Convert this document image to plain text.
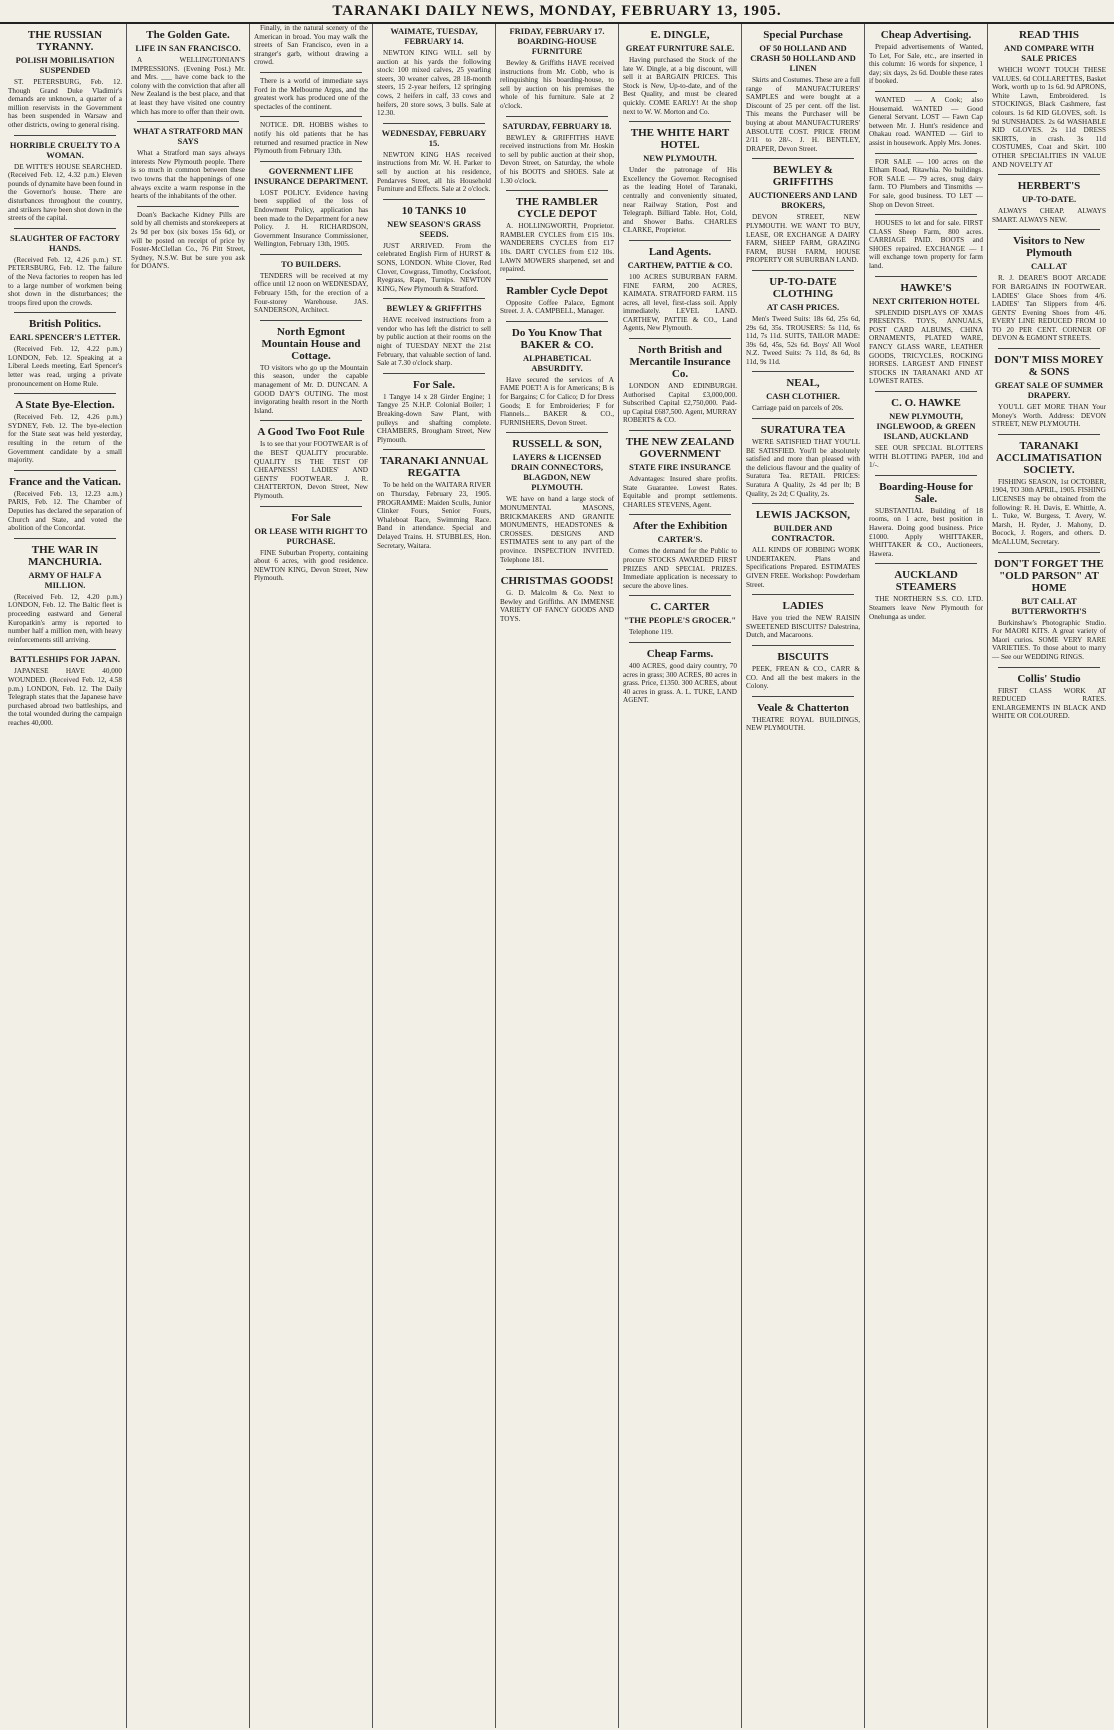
TARANAKI DAILY NEWS, MONDAY, FEBRUARY 13, 1905.
THE RUSSIAN TYRANNY.
POLISH MOBILISATION SUSPENDED
ST. PETERSBURG, Feb. 12. Though Grand Duke Vladimir's demands are unknown, a quarter of a million reservists in the Government has been suspended in Warsaw and other districts, owing to general rising.
HORRIBLE CRUELTY TO A WOMAN.
DE WITTE'S HOUSE SEARCHED. (Received Feb. 12, 4.32 p.m.) Eleven pounds of dynamite have been found in the Governor's house. There are disturbances throughout the country, and strikers have been shot down in the streets of the capital.
SLAUGHTER OF FACTORY HANDS.
(Received Feb. 12, 4.26 p.m.) ST. PETERSBURG, Feb. 12. The failure of the Neva factories to reopen has led to a large number of workmen being shot down in the disturbances; the troops fired upon the crowds.
British Politics.
EARL SPENCER'S LETTER.
(Received Feb. 12, 4.22 p.m.) LONDON, Feb. 12. Speaking at a Liberal Leeds meeting, Earl Spencer's letter was read, urging a private pronouncement on Home Rule.
A State Bye-Election.
(Received Feb. 12, 4.26 p.m.) SYDNEY, Feb. 12. The bye-election for the State seat was held yesterday, resulting in the return of the Government candidate by a small majority.
France and the Vatican.
(Received Feb. 13, 12.23 a.m.) PARIS, Feb. 12. The Chamber of Deputies has declared the separation of Church and State, and voted the abolition of the Concordat.
THE WAR IN MANCHURIA.
ARMY OF HALF A MILLION.
(Received Feb. 12, 4.20 p.m.) LONDON, Feb. 12. The Baltic fleet is proceeding eastward and General Kuropatkin's army is reported to number half a million men, with heavy reinforcements still arriving.
BATTLESHIPS FOR JAPAN.
JAPANESE HAVE 40,000 WOUNDED. (Received Feb. 12, 4.58 p.m.) LONDON, Feb. 12. The Daily Telegraph states that the Japanese have purchased abroad two battleships, and the total wounded during the campaign reaches 40,000.
The Golden Gate.
LIFE IN SAN FRANCISCO.
A WELLINGTONIAN'S IMPRESSIONS. (Evening Post.) Mr. and Mrs. ___ have come back to the colony with the conviction that after all New Zealand is the best place, and that at least they have visited one country which has more to offer than their own.
WHAT A STRATFORD MAN SAYS
What a Stratford man says always interests New Plymouth people. There is so much in common between these two towns that the happenings of one always excite a warm response in the hearts of the inhabitants of the other.
Doan's Backache Kidney Pills are sold by all chemists and storekeepers at 2s 9d per box (six boxes 15s 6d), or will be posted on receipt of price by Foster-McClellan Co., 76 Pitt Street, Sydney, N.S.W. But be sure you ask for DOAN'S.
Finally, in the natural scenery of the American in broad. You may walk the streets of San Francisco, even in a stranger's garb, without drawing a crowd.
There is a world of immediate says Ford in the Melbourne Argus, and the greatest work has produced one of the spectacles of the continent.
NOTICE. DR. HOBBS wishes to notify his old patients that he has returned and resumed practice in New Plymouth from February 13th.
GOVERNMENT LIFE INSURANCE DEPARTMENT.
LOST POLICY. Evidence having been supplied of the loss of Endowment Policy, application has been made to the Department for a new Policy. J. H. RICHARDSON, Government Insurance Commissioner, Wellington, February 13th, 1905.
TO BUILDERS.
TENDERS will be received at my office until 12 noon on WEDNESDAY, February 15th, for the erection of a Four-storey Warehouse. JAS. SANDERSON, Architect.
North Egmont Mountain House and Cottage.
TO visitors who go up the Mountain this season, under the capable management of Mr. D. DUNCAN. A GOOD DAY'S OUTING. The most invigorating health resort in the North Island.
A Good Two Foot Rule
Is to see that your FOOTWEAR is of the BEST QUALITY procurable. QUALITY IS THE TEST OF CHEAPNESS! LADIES' AND GENTS' FOOTWEAR. J. R. CHATTERTON, Devon Street, New Plymouth.
For Sale
OR LEASE WITH RIGHT TO PURCHASE.
FINE Suburban Property, containing about 6 acres, with good residence. NEWTON KING, Devon Street, New Plymouth.
WAIMATE, TUESDAY, FEBRUARY 14.
NEWTON KING WILL sell by auction at his yards the following stock: 100 mixed calves, 25 yearling steers, 30 weaner calves, 28 18-month steers, 15 2-year heifers, 12 springing cows, 2 heifers in calf, 33 cows and heifers, 20 store sows, 3 bulls. Sale at 12.30.
WEDNESDAY, FEBRUARY 15.
NEWTON KING HAS received instructions from Mr. W. H. Parker to sell by auction at his residence, Pendarves Street, all his Household Furniture and Effects. Sale at 2 o'clock.
10 TANKS 10
NEW SEASON'S GRASS SEEDS.
JUST ARRIVED. From the celebrated English Firm of HURST & SONS, LONDON. White Clover, Red Clover, Cowgrass, Timothy, Cocksfoot, Ryegrass, Rape, Turnips. NEWTON KING, New Plymouth & Stratford.
BEWLEY & GRIFFITHS
HAVE received instructions from a vendor who has left the district to sell by public auction at their rooms on the night of TUESDAY NEXT the 21st February, that valuable section of land. Sale at 7.30 o'clock sharp.
For Sale.
1 Tangye 14 x 28 Girder Engine; 1 Tangye 25 N.H.P. Colonial Boiler; 1 Breaking-down Saw Plant, with pulleys and shafting complete. CHAMBERS, Brougham Street, New Plymouth.
TARANAKI ANNUAL REGATTA
To be held on the WAITARA RIVER on Thursday, February 23, 1905. PROGRAMME: Maiden Sculls, Junior Clinker Fours, Senior Fours, Whaleboat Race, Swimming Race. Band in attendance. Special and Delayed Trains. H. STUBBLES, Hon. Secretary, Waitara.
FRIDAY, FEBRUARY 17. BOARDING-HOUSE FURNITURE
Bewley & Griffiths HAVE received instructions from Mr. Cobb, who is relinquishing his boarding-house, to sell by auction on his premises the whole of his furniture. Sale at 2 o'clock.
SATURDAY, FEBRUARY 18.
BEWLEY & GRIFFITHS HAVE received instructions from Mr. Hoskin to sell by public auction at their shop, Devon Street, on Saturday, the whole of his BOOTS and SHOES. Sale at 1.30 o'clock.
THE RAMBLER CYCLE DEPOT
A. HOLLINGWORTH, Proprietor. RAMBLER CYCLES from £15 10s. WANDERERS CYCLES from £17 10s. DART CYCLES from £12 10s. LAWN MOWERS sharpened, set and repaired.
Rambler Cycle Depot
Opposite Coffee Palace, Egmont Street. J. A. CAMPBELL, Manager.
Do You Know That BAKER & CO.
ALPHABETICAL ABSURDITY.
Have secured the services of A FAME POET! A is for Americans; B is for Bargains; C for Calico; D for Dress Goods; E for Embroideries; F for Flannels... BAKER & CO., FURNISHERS, Devon Street.
RUSSELL & SON,
LAYERS & LICENSED DRAIN CONNECTORS, BLAGDON, NEW PLYMOUTH.
WE have on hand a large stock of MONUMENTAL MASONS, BRICKMAKERS AND GRANITE MONUMENTS, HEADSTONES & CROSSES. DESIGNS AND ESTIMATES sent to any part of the province. INSPECTION INVITED. Telephone 181.
CHRISTMAS GOODS!
G. D. Malcolm & Co. Next to Bewley and Griffiths. AN IMMENSE VARIETY OF FANCY GOODS AND TOYS.
E. DINGLE,
GREAT FURNITURE SALE.
Having purchased the Stock of the late W. Dingle, at a big discount, will sell it at BARGAIN PRICES. This Stock is New, Up-to-date, and of the Best Quality, and must be cleared quickly. COME EARLY! At the shop next to W. W. Morton and Co.
THE WHITE HART HOTEL
NEW PLYMOUTH.
Under the patronage of His Excellency the Governor. Recognised as the leading Hotel of Taranaki, centrally and conveniently situated, near Railway Station, Post and Telegraph. Billiard Table. Hot, Cold, and Shower Baths. CHARLES CLARKE, Proprietor.
Land Agents.
CARTHEW, PATTIE & CO.
100 ACRES SUBURBAN FARM. FINE FARM, 200 ACRES, KAIMATA. STRATFORD FARM. 115 acres, all level, first-class soil. Apply immediately. LEVEL LAND. CARTHEW, PATTIE & CO., Land Agents, New Plymouth.
North British and Mercantile Insurance Co.
LONDON AND EDINBURGH. Authorised Capital £3,000,000. Subscribed Capital £2,750,000. Paid-up Capital £687,500. Agent, MURRAY ROBERTS & CO.
THE NEW ZEALAND GOVERNMENT
STATE FIRE INSURANCE
Advantages: Insured share profits. State Guarantee. Lowest Rates. Equitable and prompt settlements. CHARLES STEVENS, Agent.
After the Exhibition
CARTER'S.
Comes the demand for the Public to procure STOCKS AWARDED FIRST PRIZES AND SPECIAL PRIZES. Immediate application is necessary to secure the above lines.
C. CARTER
"THE PEOPLE'S GROCER."
Telephone 119.
Cheap Farms.
400 ACRES, good dairy country, 70 acres in grass; 300 ACRES, 80 acres in grass. Price, £1350. 300 ACRES, about 40 acres in grass. A. L. TUKE, LAND AGENT.
Special Purchase
OF 50 HOLLAND AND CRASH 50 HOLLAND AND LINEN
Skirts and Costumes. These are a full range of MANUFACTURERS' SAMPLES and were bought at a Discount of 25 per cent. off the list. This means the Purchaser will be buying at about MANUFACTURERS' ABSOLUTE COST. PRICE FROM 2/11 to 28/-. J. H. BENTLEY, DRAPER, Devon Street.
BEWLEY & GRIFFITHS
AUCTIONEERS AND LAND BROKERS,
DEVON STREET, NEW PLYMOUTH. WE WANT TO BUY, LEASE, OR EXCHANGE A DAIRY FARM, SHEEP FARM, GRAZING FARM, BUSH FARM, HOUSE PROPERTY OR SUBURBAN LAND.
UP-TO-DATE CLOTHING
AT CASH PRICES.
Men's Tweed Suits: 18s 6d, 25s 6d, 29s 6d, 35s. TROUSERS: 5s 11d, 6s 11d, 7s 11d. SUITS, TAILOR MADE: 39s 6d, 45s, 52s 6d. Boys' All Wool N.Z. Tweed Suits: 7s 11d, 8s 6d, 8s 11d, 9s 11d.
NEAL,
CASH CLOTHIER.
Carriage paid on parcels of 20s.
SURATURA TEA
WE'RE SATISFIED THAT YOU'LL BE SATISFIED. You'll be absolutely satisfied and more than pleased with the delicious flavour and the quality of Suratura Tea. RETAIL PRICES: Suratura A Quality, 2s 4d per lb; B Quality, 2s 2d; C Quality, 2s.
LEWIS JACKSON,
BUILDER AND CONTRACTOR.
ALL KINDS OF JOBBING WORK UNDERTAKEN. Plans and Specifications Prepared. ESTIMATES GIVEN FREE. Workshop: Powderham Street.
LADIES
Have you tried the NEW RAISIN SWEETENED BISCUITS? Dalestrina, Dutch, and Macaroons.
BISCUITS
PEEK, FREAN & CO., CARR & CO. And all the best makers in the Colony.
Veale & Chatterton
THEATRE ROYAL BUILDINGS, NEW PLYMOUTH.
Cheap Advertising.
Prepaid advertisements of Wanted, To Let, For Sale, etc., are inserted in this column: 16 words for sixpence, 1 day; six days, 2s 6d. Double these rates if booked.
WANTED — A Cook; also Housemaid. WANTED — Good General Servant. LOST — Fawn Cap between Mr. J. Hunt's residence and Ohakau road. WANTED — Girl to assist in housework. Apply Mrs. Jones.
FOR SALE — 100 acres on the Eltham Road, Ritawhia. No buildings. FOR SALE — 79 acres, snug dairy farm. TO Plumbers and Tinsmiths — For sale, good business. TO LET — Shop on Devon Street.
HOUSES to let and for sale. FIRST CLASS Sheep Farm, 800 acres. CARRIAGE PAID. BOOTS and SHOES repaired. EXCHANGE — I will exchange town property for farm land.
HAWKE'S
NEXT CRITERION HOTEL
SPLENDID DISPLAYS OF XMAS PRESENTS. TOYS, ANNUALS, POST CARD ALBUMS, CHINA ORNAMENTS, PLATED WARE, FANCY GLASS WARE, LEATHER GOODS, TRICYCLES, ROCKING HORSES. LARGEST AND FINEST STOCKS IN TARANAKI AND AT LOWEST RATES.
C. O. HAWKE
NEW PLYMOUTH, INGLEWOOD, & GREEN ISLAND, AUCKLAND
SEE OUR SPECIAL BLOTTERS WITH BLOTTING PAPER, 10d and 1/-.
Boarding-House for Sale.
SUBSTANTIAL Building of 18 rooms, on 1 acre, best position in Hawera. Doing good business. Price £1000. Apply WHITTAKER, WHITTAKER & CO., Auctioneers, Hawera.
AUCKLAND STEAMERS
THE NORTHERN S.S. CO. LTD. Steamers leave New Plymouth for Onehunga as under.
READ THIS
AND COMPARE WITH SALE PRICES
WHICH WON'T TOUCH THESE VALUES. 6d COLLARETTES, Basket Work, worth up to 1s 6d. 9d APRONS, White Lawn, Embroidered. 1s STOCKINGS, Black Cashmere, fast colours. 1s 6d KID GLOVES, soft. 1s 9d SUNSHADES. 2s 6d WASHABLE KID GLOVES. 2s 11d DRESS SKIRTS, in crash. 3s 11d COSTUMES, Coat and Skirt. 100 OTHER SPECIALITIES IN VALUE AND NOVELTY AT
HERBERT'S
UP-TO-DATE.
ALWAYS CHEAP. ALWAYS SMART. ALWAYS NEW.
Visitors to New Plymouth
CALL AT
R. J. DEARE'S BOOT ARCADE FOR BARGAINS IN FOOTWEAR. LADIES' Glace Shoes from 4/6. LADIES' Tan Slippers from 4/6. GENTS' Evening Shoes from 4/6. EVERY LINE REDUCED FROM 10 TO 20 PER CENT. CORNER OF DEVON & EGMONT STREETS.
DON'T MISS MOREY & SONS
GREAT SALE OF SUMMER DRAPERY.
YOU'LL GET MORE THAN Your Money's Worth. Address: DEVON STREET, NEW PLYMOUTH.
TARANAKI ACCLIMATISATION SOCIETY.
FISHING SEASON, 1st OCTOBER, 1904, TO 30th APRIL, 1905. FISHING LICENSES may be obtained from the following: R. H. Davis, E. Whittle, A. L. Tuke, W. Burgess, T. Avery, W. Marsh, H. Ryder, J. Mahony, D. Bocock, J. Rogers, and others. D. McALLUM, Secretary.
DON'T FORGET THE "OLD PARSON" AT HOME
BUT CALL AT BUTTERWORTH'S
Burkinshaw's Photographic Studio. For MAORI KITS. A great variety of Maori curios. SOME VERY RARE VARIETIES. To those about to marry — See our WEDDING RINGS.
Collis' Studio
FIRST CLASS WORK AT REDUCED RATES. ENLARGEMENTS IN BLACK AND WHITE OR COLOURED.
